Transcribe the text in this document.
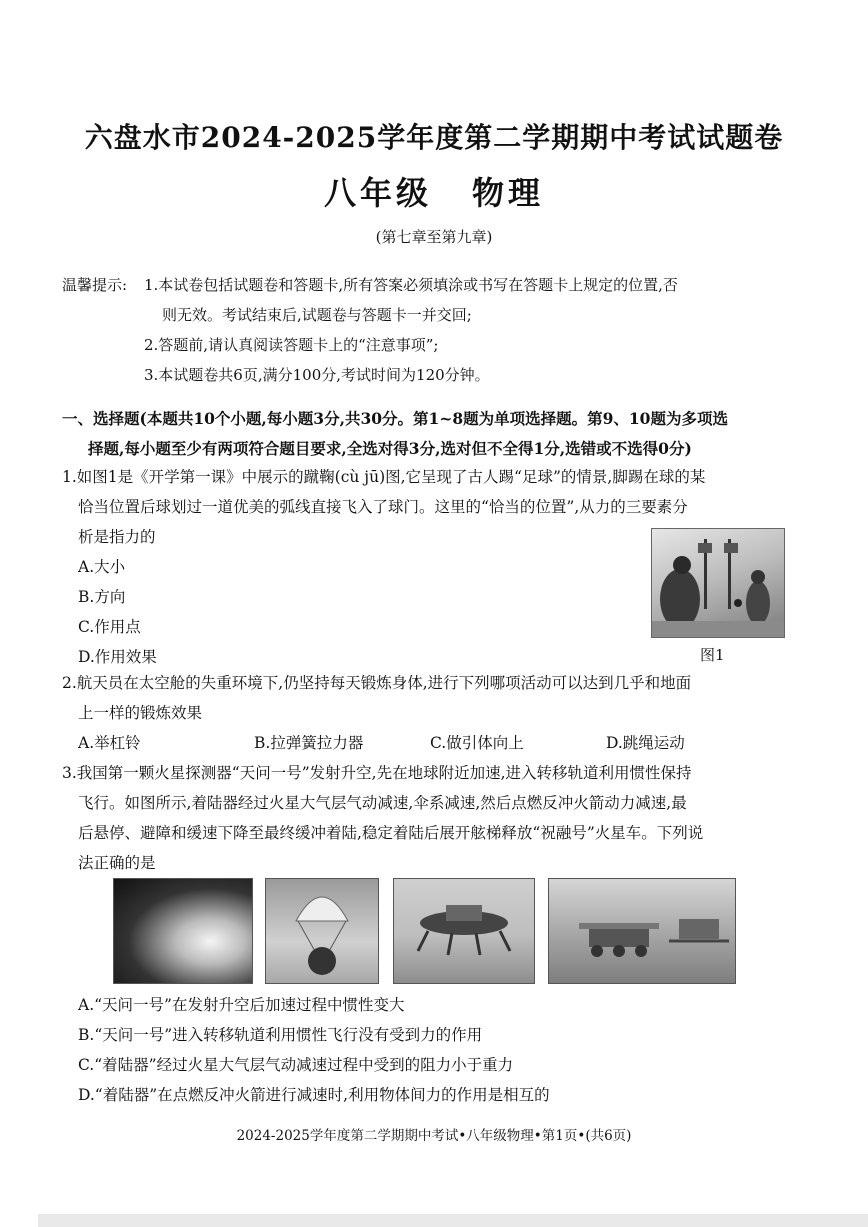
六盘水市2024-2025学年度第二学期期中考试试题卷
八年级 物理
(第七章至第九章)
温馨提示:	1.本试卷包括试题卷和答题卡,所有答案必须填涂或书写在答题卡上规定的位置,否
则无效。考试结束后,试题卷与答题卡一并交回;
2.答题前,请认真阅读答题卡上的“注意事项”;
3.本试题卷共6页,满分100分,考试时间为120分钟。
一、选择题(本题共10个小题,每小题3分,共30分。第1~8题为单项选择题。第9、10题为多项选
择题,每小题至少有两项符合题目要求,全选对得3分,选对但不全得1分,选错或不选得0分)
1.如图1是《开学第一课》中展示的蹴鞠(cù jū)图,它呈现了古人踢“足球”的情景,脚踢在球的某
恰当位置后球划过一道优美的弧线直接飞入了球门。这里的“恰当的位置”,从力的三要素分
析是指力的
A.大小
B.方向
C.作用点
D.作用效果	图1
2.航天员在太空舱的失重环境下,仍坚持每天锻炼身体,进行下列哪项活动可以达到几乎和地面
上一样的锻炼效果
A.举杠铃	B.拉弹簧拉力器	C.做引体向上	D.跳绳运动
3.我国第一颗火星探测器“天问一号”发射升空,先在地球附近加速,进入转移轨道利用惯性保持
飞行。如图所示,着陆器经过火星大气层气动减速,伞系减速,然后点燃反冲火箭动力减速,最
后悬停、避障和缓速下降至最终缓冲着陆,稳定着陆后展开舷梯释放“祝融号”火星车。下列说
法正确的是
A.“天问一号”在发射升空后加速过程中惯性变大
B.“天问一号”进入转移轨道利用惯性飞行没有受到力的作用
C.“着陆器”经过火星大气层气动减速过程中受到的阻力小于重力
D.“着陆器”在点燃反冲火箭进行减速时,利用物体间力的作用是相互的
2024-2025学年度第二学期期中考试•八年级物理•第1页•(共6页)
